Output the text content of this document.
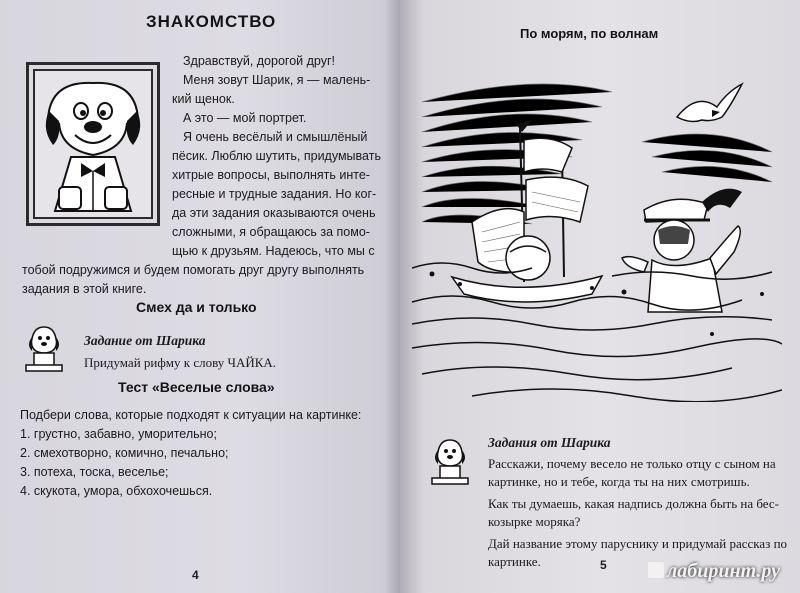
ЗНАКОМСТВО
Здравствуй, дорогой друг!
Меня зовут Шарик, я — малень-
кий щенок.
А это — мой портрет.
Я очень весёлый и смышлёный
пёсик. Люблю шутить, придумывать
хитрые вопросы, выполнять инте-
ресные и трудные задания. Но ког-
да эти задания оказываются очень
сложными, я обращаюсь за помо-
щью к друзьям. Надеюсь, что мы с
тобой подружимся и будем помогать друг другу выполнять
задания в этой книге.
Смех да и только
Задание от Шарика
Придумай рифму к слову ЧАЙКА.
Тест «Веселые слова»
Подбери слова, которые подходят к ситуации на картинке:
1. грустно, забавно, уморительно;
2. смехотворно, комично, печально;
3. потеха, тоска, веселье;
4. скукота, умора, обхохочешься.
4
По морям, по волнам
Задания от Шарика
Расскажи, почему весело не только отцу с сыном на
картинке, но и тебе, когда ты на них смотришь.
Как ты думаешь, какая надпись должна быть на бес-
козырке моряка?
Дай название этому паруснику и придумай рассказ по
картинке.	5	лабиринт.ру
